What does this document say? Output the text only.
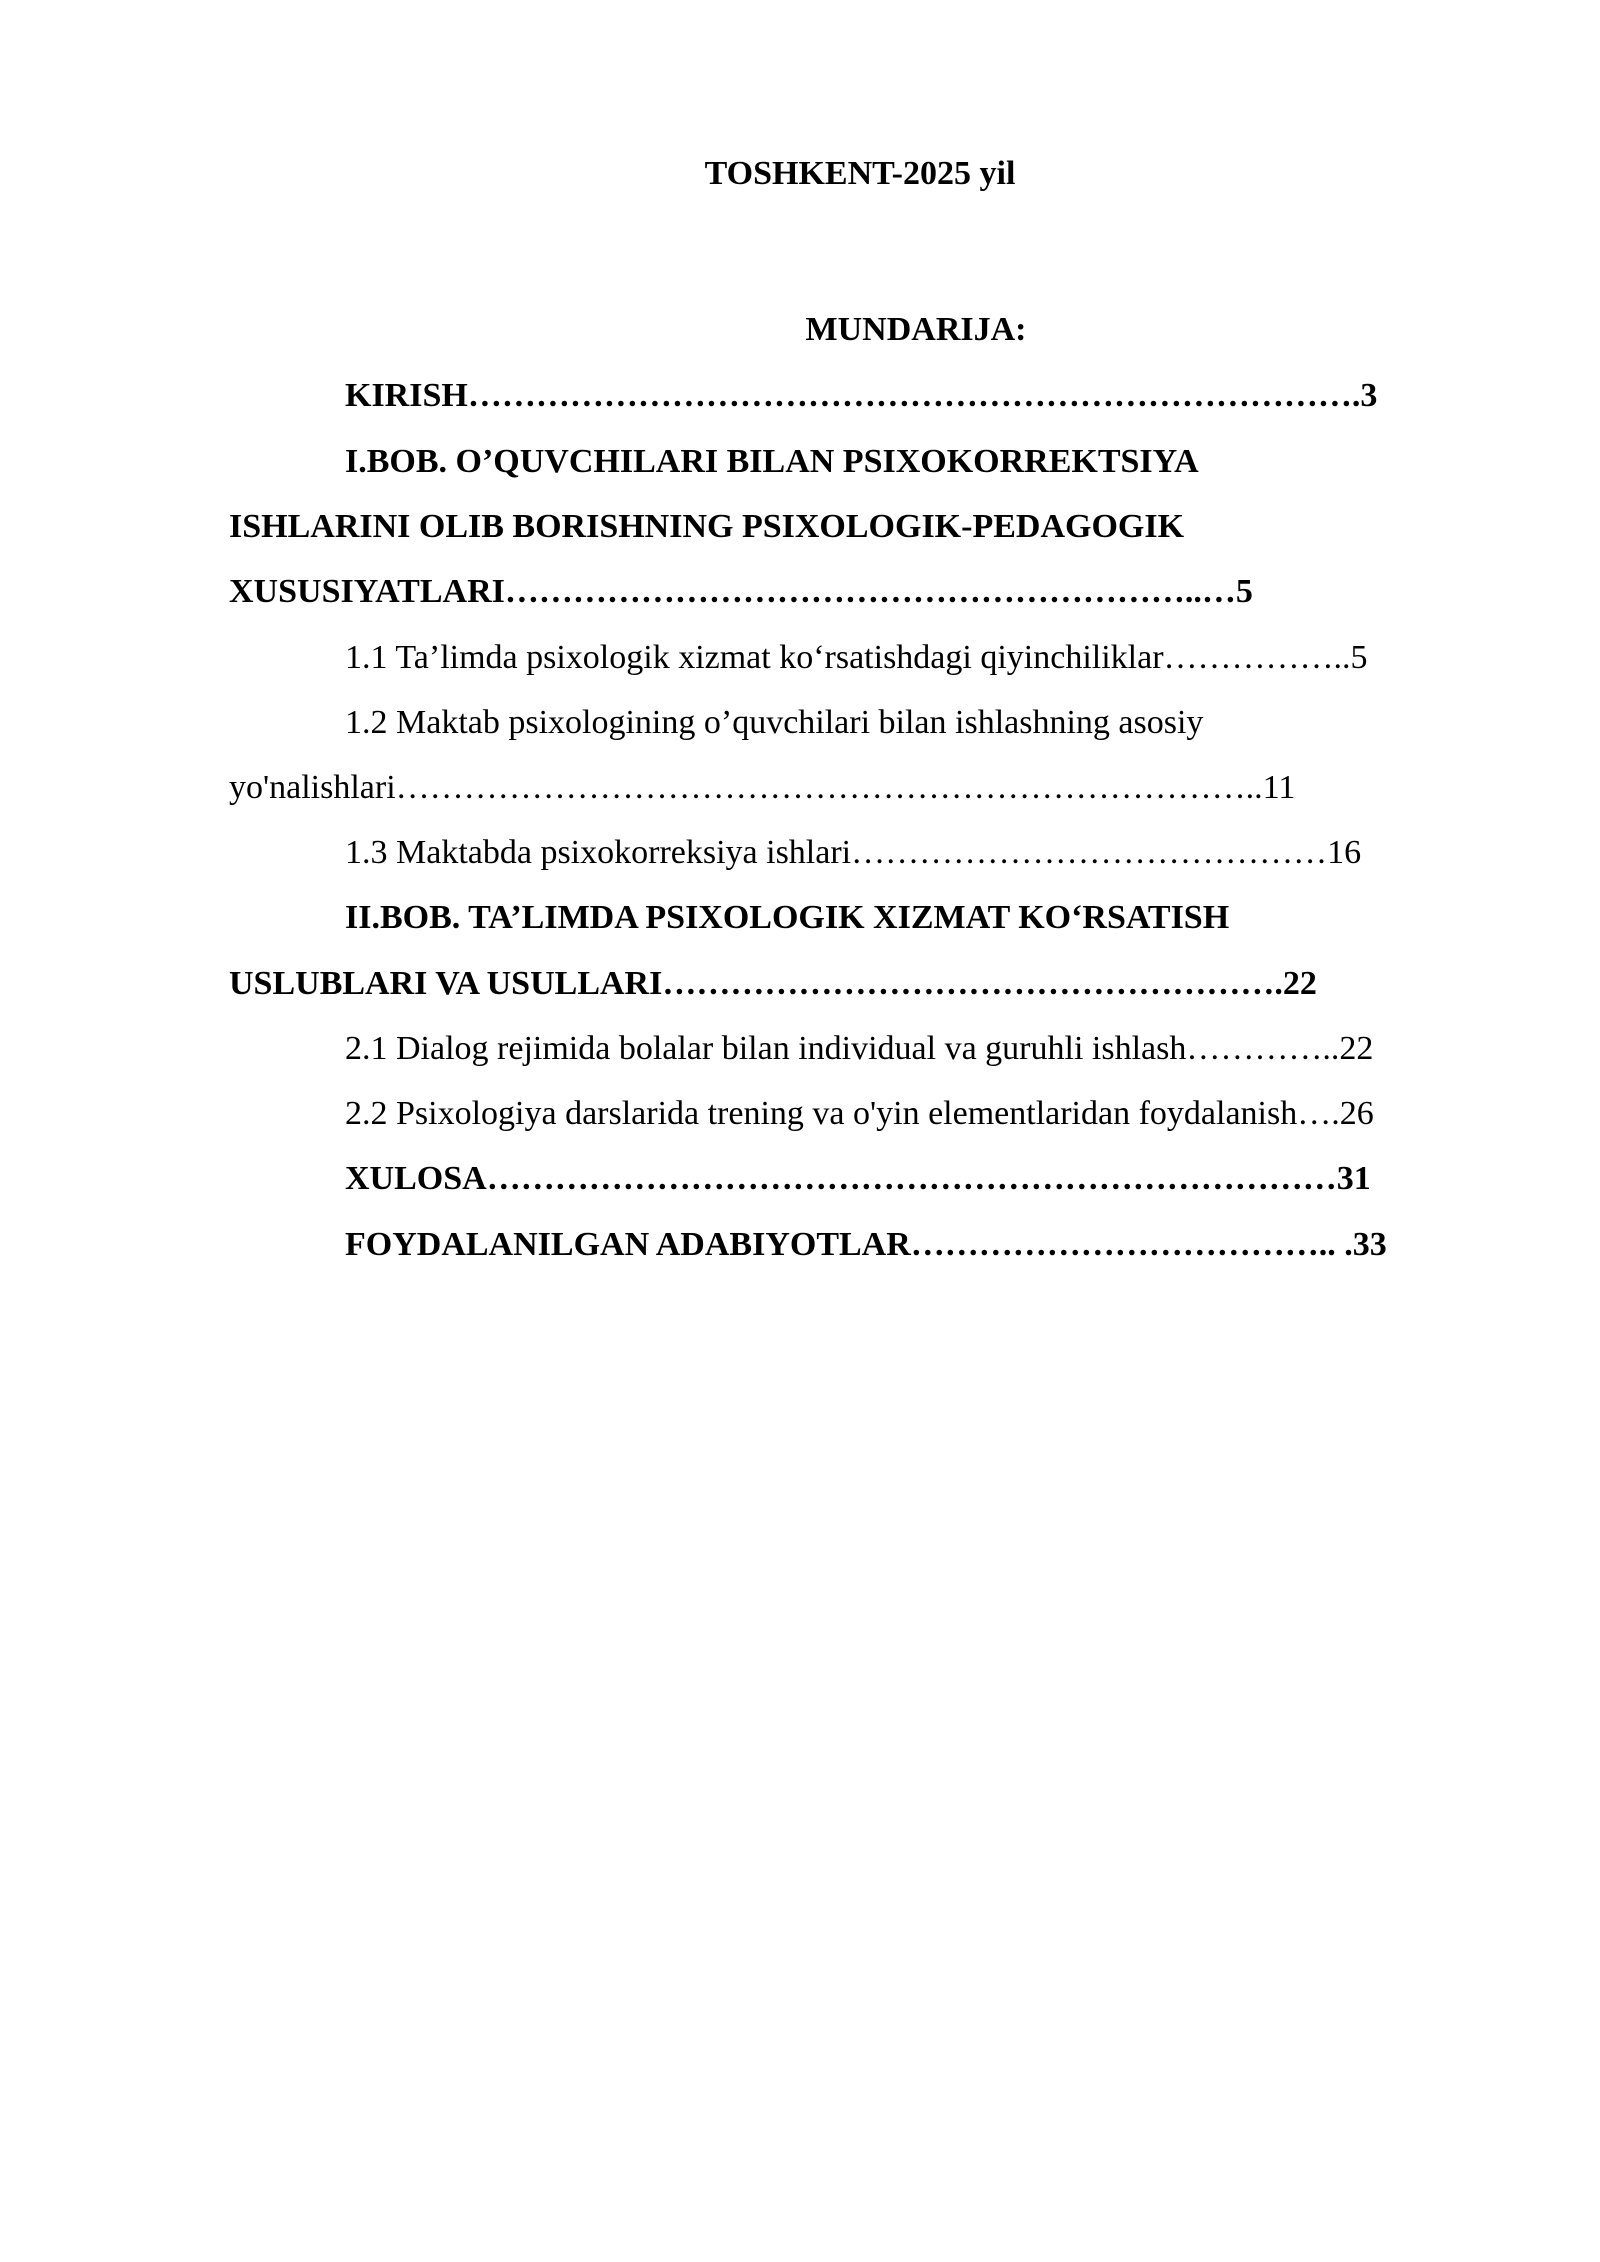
TOSHKENT-2025 yil
MUNDARIJA:
KIRISH…………………………………………………………………….3
I.BOB. O’QUVCHILARI BILAN PSIXOKORREKTSIYA
ISHLARINI OLIB BORISHNING PSIXOLOGIK-PEDAGOGIK
XUSUSIYATLARI……………………………………………………..…5
1.1 Ta’limda psixologik xizmat koʻrsatishdagi qiyinchiliklar……………..5
1.2 Maktab psixologining o’quvchilari bilan ishlashning asosiy
yo'nalishlari…………………………………………………………………..11
1.3 Maktabda psixokorreksiya ishlari……………………………………16
II.BOB. TA’LIMDA PSIXOLOGIK XIZMAT KOʻRSATISH
USLUBLARI VA USULLARI……………………………………………….22
2.1 Dialog rejimida bolalar bilan individual va guruhli ishlash…………..22
2.2 Psixologiya darslarida trening va o'yin elementlaridan foydalanish….26
XULOSA…………………………………………………………………31
FOYDALANILGAN ADABIYOTLAR……………………………….. .33
